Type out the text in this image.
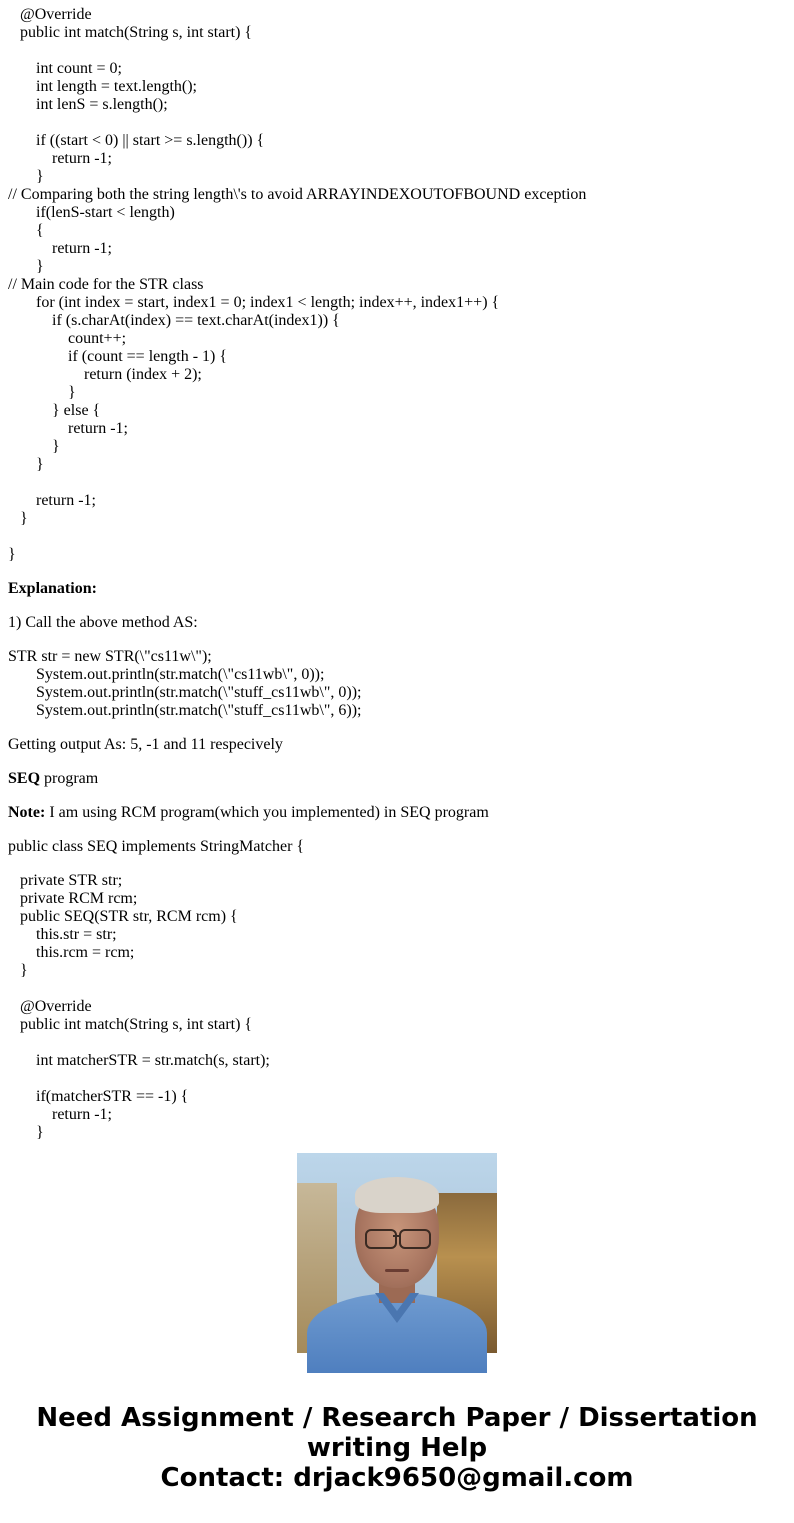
@Override
public int match(String s, int start) {
int count = 0;
int length = text.length();
int lenS = s.length();
if ((start < 0) || start >= s.length()) {
return -1;
}
// Comparing both the string length\'s to avoid ARRAYINDEXOUTOFBOUND exception
if(lenS-start < length)
{
return -1;
}
// Main code for the STR class
for (int index = start, index1 = 0; index1 < length; index++, index1++) {
if (s.charAt(index) == text.charAt(index1)) {
count++;
if (count == length - 1) {
return (index + 2);
}
} else {
return -1;
}
}
return -1;
}
}
Explanation:
1) Call the above method AS:
STR str = new STR(\"cs11w\");
System.out.println(str.match(\"cs11wb\", 0));
System.out.println(str.match(\"stuff_cs11wb\", 0));
System.out.println(str.match(\"stuff_cs11wb\", 6));
Getting output As: 5, -1 and 11 respecively
SEQ program
Note: I am using RCM program(which you implemented) in SEQ program
public class SEQ implements StringMatcher {
private STR str;
private RCM rcm;
public SEQ(STR str, RCM rcm) {
this.str = str;
this.rcm = rcm;
}
@Override
public int match(String s, int start) {
int matcherSTR = str.match(s, start);
if(matcherSTR == -1) {
return -1;
}
Need Assignment / Research Paper / Dissertation
writing Help
Contact: drjack9650@gmail.com
